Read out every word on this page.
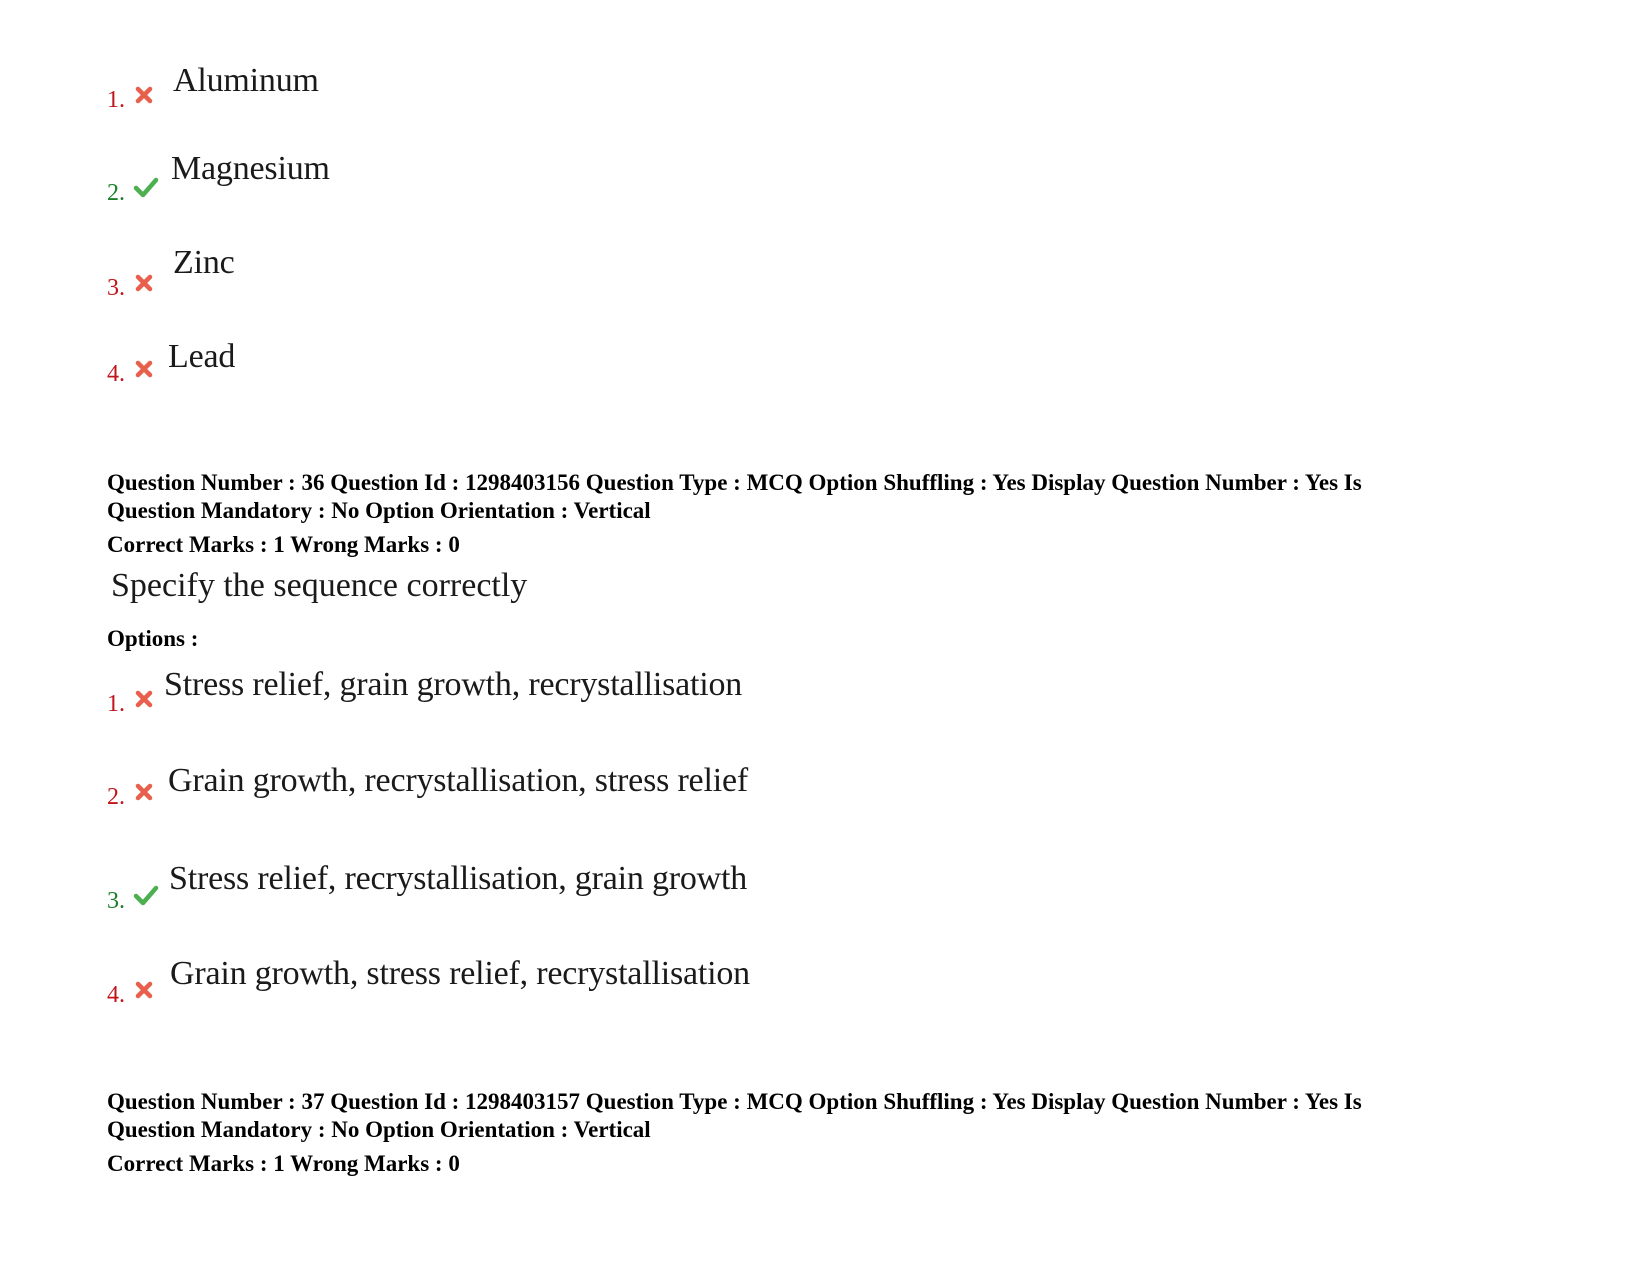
1.
Aluminum
2.
Magnesium
3.
Zinc
4. Lead
Question Number : 36 Question Id : 1298403156 Question Type : MCQ Option Shuffling : Yes Display Question Number : Yes Is
Question Mandatory : No Option Orientation : Vertical
Correct Marks : 1 Wrong Marks : 0
Specify the sequence correctly
Options :
1.
Stress relief, grain growth, recrystallisation
2. Grain growth, recrystallisation, stress relief
3.
Stress relief, recrystallisation, grain growth
4.
Grain growth, stress relief, recrystallisation
Question Number : 37 Question Id : 1298403157 Question Type : MCQ Option Shuffling : Yes Display Question Number : Yes Is
Question Mandatory : No Option Orientation : Vertical
Correct Marks : 1 Wrong Marks : 0
